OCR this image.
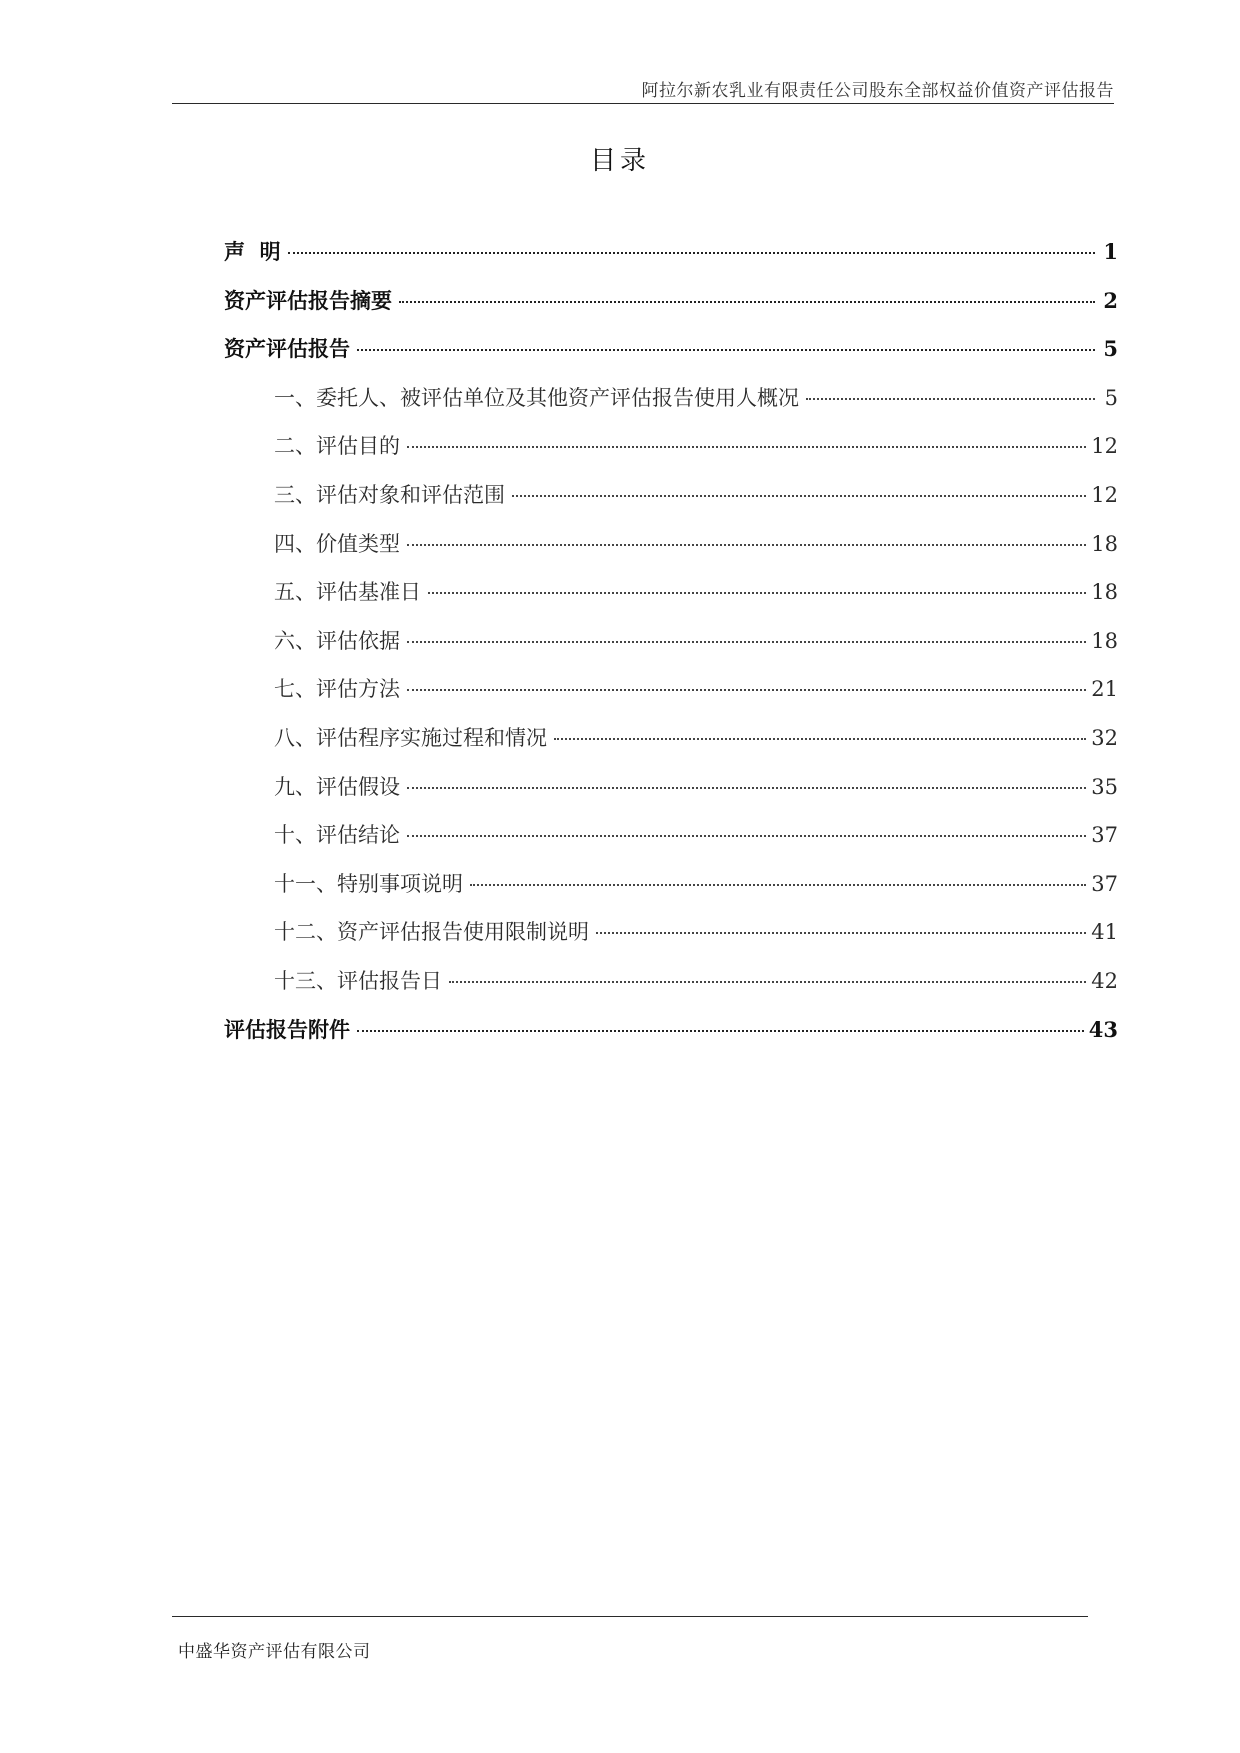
阿拉尔新农乳业有限责任公司股东全部权益价值资产评估报告
目录
声  明	1
资产评估报告摘要	2
资产评估报告	5
一、委托人、被评估单位及其他资产评估报告使用人概况	5
二、评估目的	12
三、评估对象和评估范围	12
四、价值类型	18
五、评估基准日	18
六、评估依据	18
七、评估方法	21
八、评估程序实施过程和情况	32
九、评估假设	35
十、评估结论	37
十一、特别事项说明	37
十二、资产评估报告使用限制说明	41
十三、评估报告日	42
评估报告附件	43
中盛华资产评估有限公司
